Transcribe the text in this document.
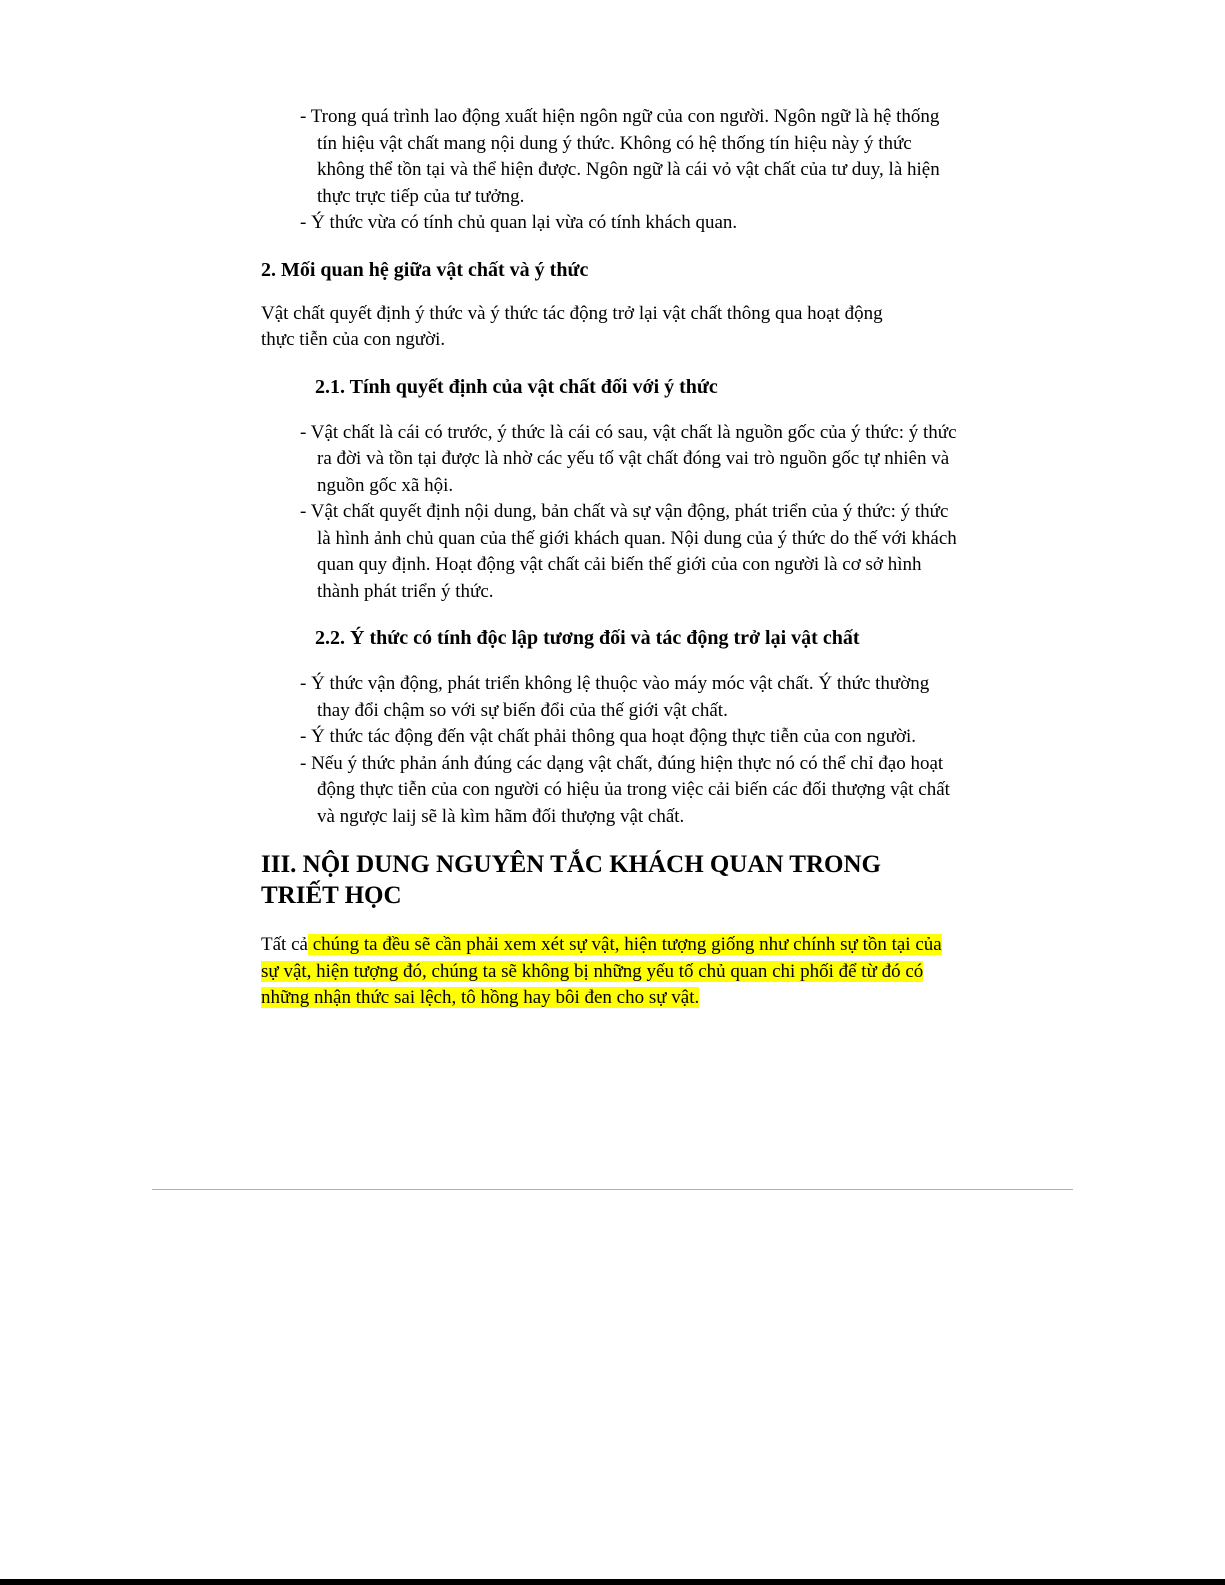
- Trong quá trình lao động xuất hiện ngôn ngữ của con người. Ngôn ngữ là hệ thống tín hiệu vật chất mang nội dung ý thức. Không có hệ thống tín hiệu này ý thức không thể tồn tại và thể hiện được. Ngôn ngữ là cái vỏ vật chất của tư duy, là hiện thực trực tiếp của tư tưởng.
- Ý thức vừa có tính chủ quan lại vừa có tính khách quan.
2. Mối quan hệ giữa vật chất và ý thức
Vật chất quyết định ý thức và ý thức tác động trở lại vật chất thông qua hoạt động thực tiễn của con người.
2.1. Tính quyết định của vật chất đối với ý thức
- Vật chất là cái có trước, ý thức là cái có sau, vật chất là nguồn gốc của ý thức: ý thức ra đời và tồn tại được là nhờ các yếu tố vật chất đóng vai trò nguồn gốc tự nhiên và nguồn gốc xã hội.
- Vật chất quyết định nội dung, bản chất và sự vận động, phát triển của ý thức: ý thức là hình ảnh chủ quan của thế giới khách quan. Nội dung của ý thức do thế với khách quan quy định. Hoạt động vật chất cải biến thế giới của con người là cơ sở hình thành phát triển ý thức.
2.2. Ý thức có tính độc lập tương đối và tác động trở lại vật chất
- Ý thức vận động, phát triển không lệ thuộc vào máy móc vật chất. Ý thức thường thay đổi chậm so với sự biến đổi của thế giới vật chất.
- Ý thức tác động đến vật chất phải thông qua hoạt động thực tiễn của con người.
- Nếu ý thức phản ánh đúng các dạng vật chất, đúng hiện thực nó có thể chỉ đạo hoạt động thực tiễn của con người có hiệu ủa trong việc cải biến các đối thượng vật chất và ngược laij sẽ là kìm hãm đối thượng vật chất.
III. NỘI DUNG NGUYÊN TẮC KHÁCH QUAN TRONG TRIẾT HỌC
Tất cả chúng ta đều sẽ cần phải xem xét sự vật, hiện tượng giống như chính sự tồn tại của sự vật, hiện tượng đó, chúng ta sẽ không bị những yếu tố chủ quan chi phối để từ đó có những nhận thức sai lệch, tô hồng hay bôi đen cho sự vật.
